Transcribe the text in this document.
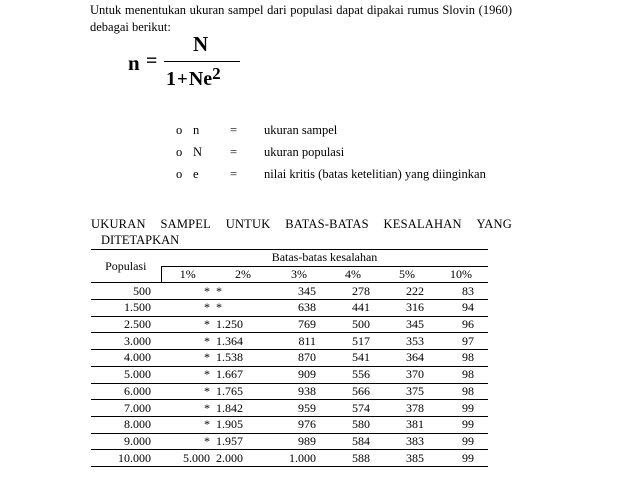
Untuk menentukan ukuran sampel dari populasi dapat dipakai rumus Slovin (1960) debagai berikut:

n =
N
$1+Ne^2$
o n = ukuran sampel
o N = ukuran populasi
o e	= nilai kritis (batas ketelitian) yang diinginkan
UKURAN SAMPEL UNTUK BATAS-BATAS KESALAHAN YANG
DITETAPKAN
Populasi	Batas-batas kesalahan					
	1%	2%	3%	4%	5%	10%
500	*	*	345	278	222	83
1.500	*	*	638	441	316	94
2.500	*	1.250	769	500	345	96
3.000	*	1.364	811	517	353	97
4.000	*	1.538	870	541	364	98
5.000	*	1.667	909	556	370	98
6.000	*	1.765	938	566	375	98
7.000	*	1.842	959	574	378	99
8.000	*	1.905	976	580	381	99
9.000	*	1.957	989	584	383	99
10.000	5.000	2.000	1.000	588	385	99
